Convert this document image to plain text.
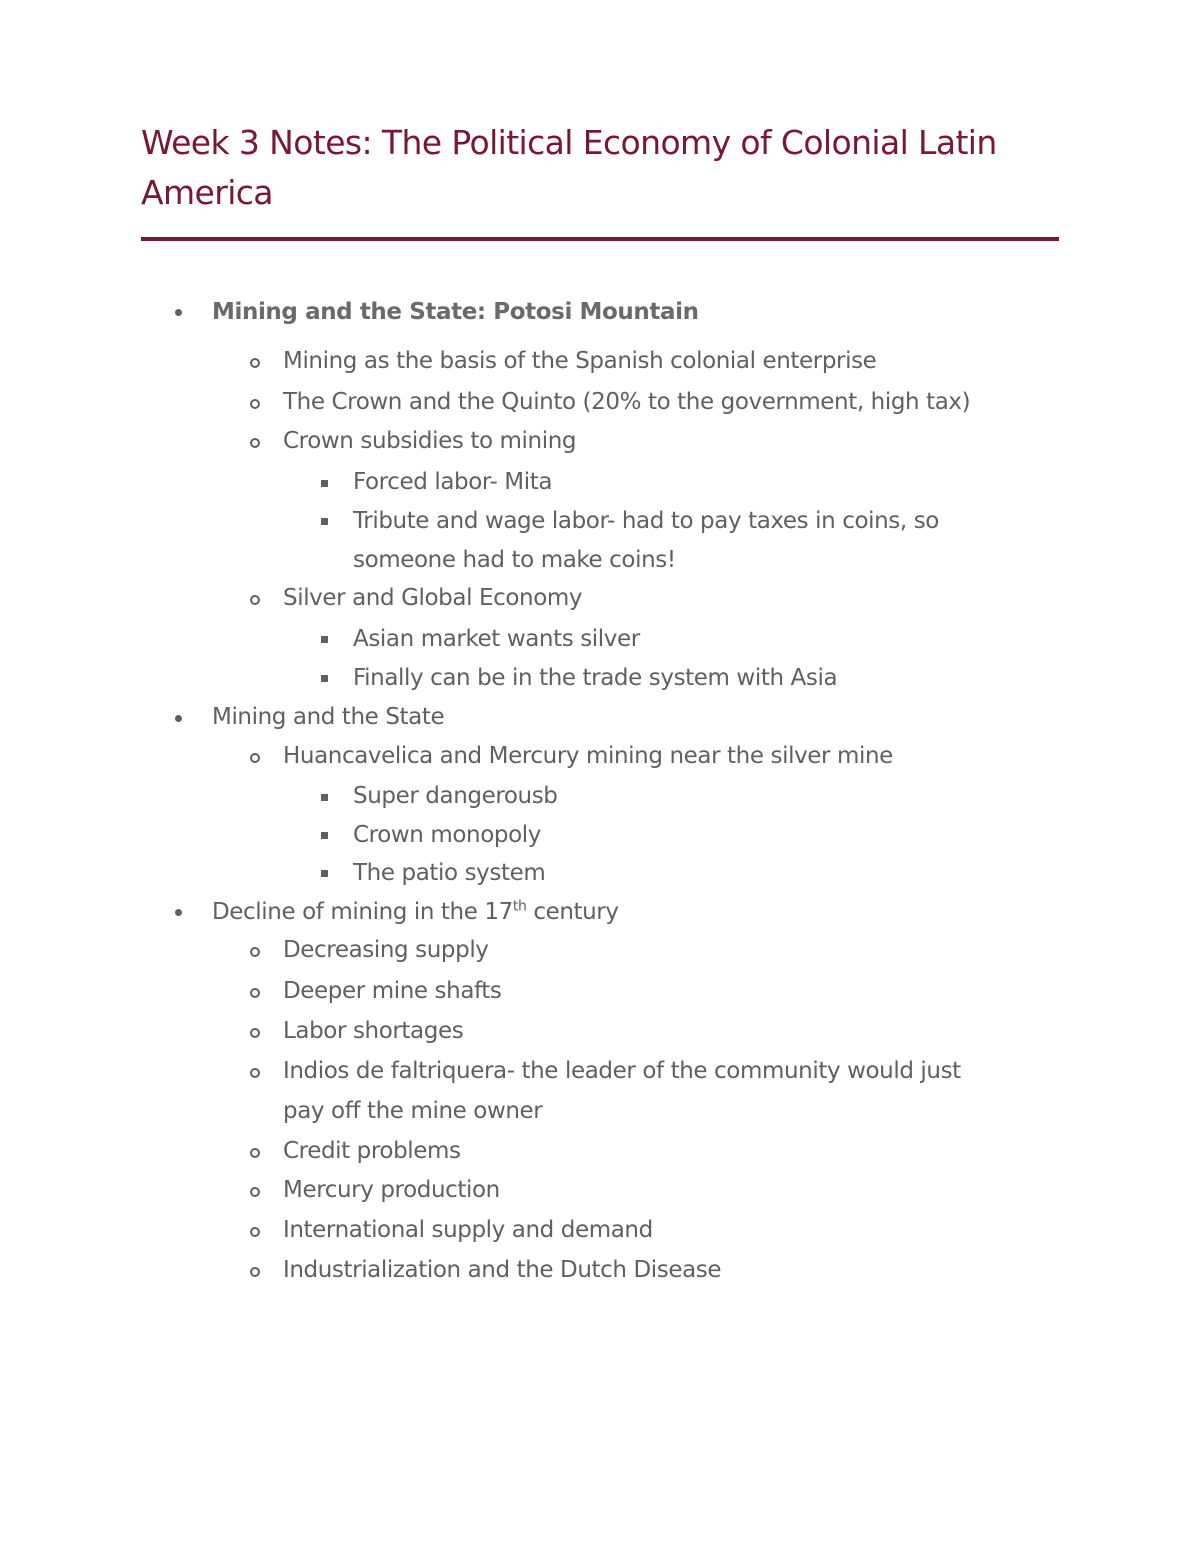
Week 3 Notes: The Political Economy of Colonial Latin America
Mining and the State: Potosi Mountain
Mining as the basis of the Spanish colonial enterprise
The Crown and the Quinto (20% to the government, high tax)
Crown subsidies to mining
Forced labor- Mita
Tribute and wage labor- had to pay taxes in coins, so
someone had to make coins!
Silver and Global Economy
Asian market wants silver
Finally can be in the trade system with Asia
Mining and the State
Huancavelica and Mercury mining near the silver mine
Super dangerousb
Crown monopoly
The patio system
Decline of mining in the 17th century
Decreasing supply
Deeper mine shafts
Labor shortages
Indios de faltriquera- the leader of the community would just
pay off the mine owner
Credit problems
Mercury production
International supply and demand
Industrialization and the Dutch Disease
